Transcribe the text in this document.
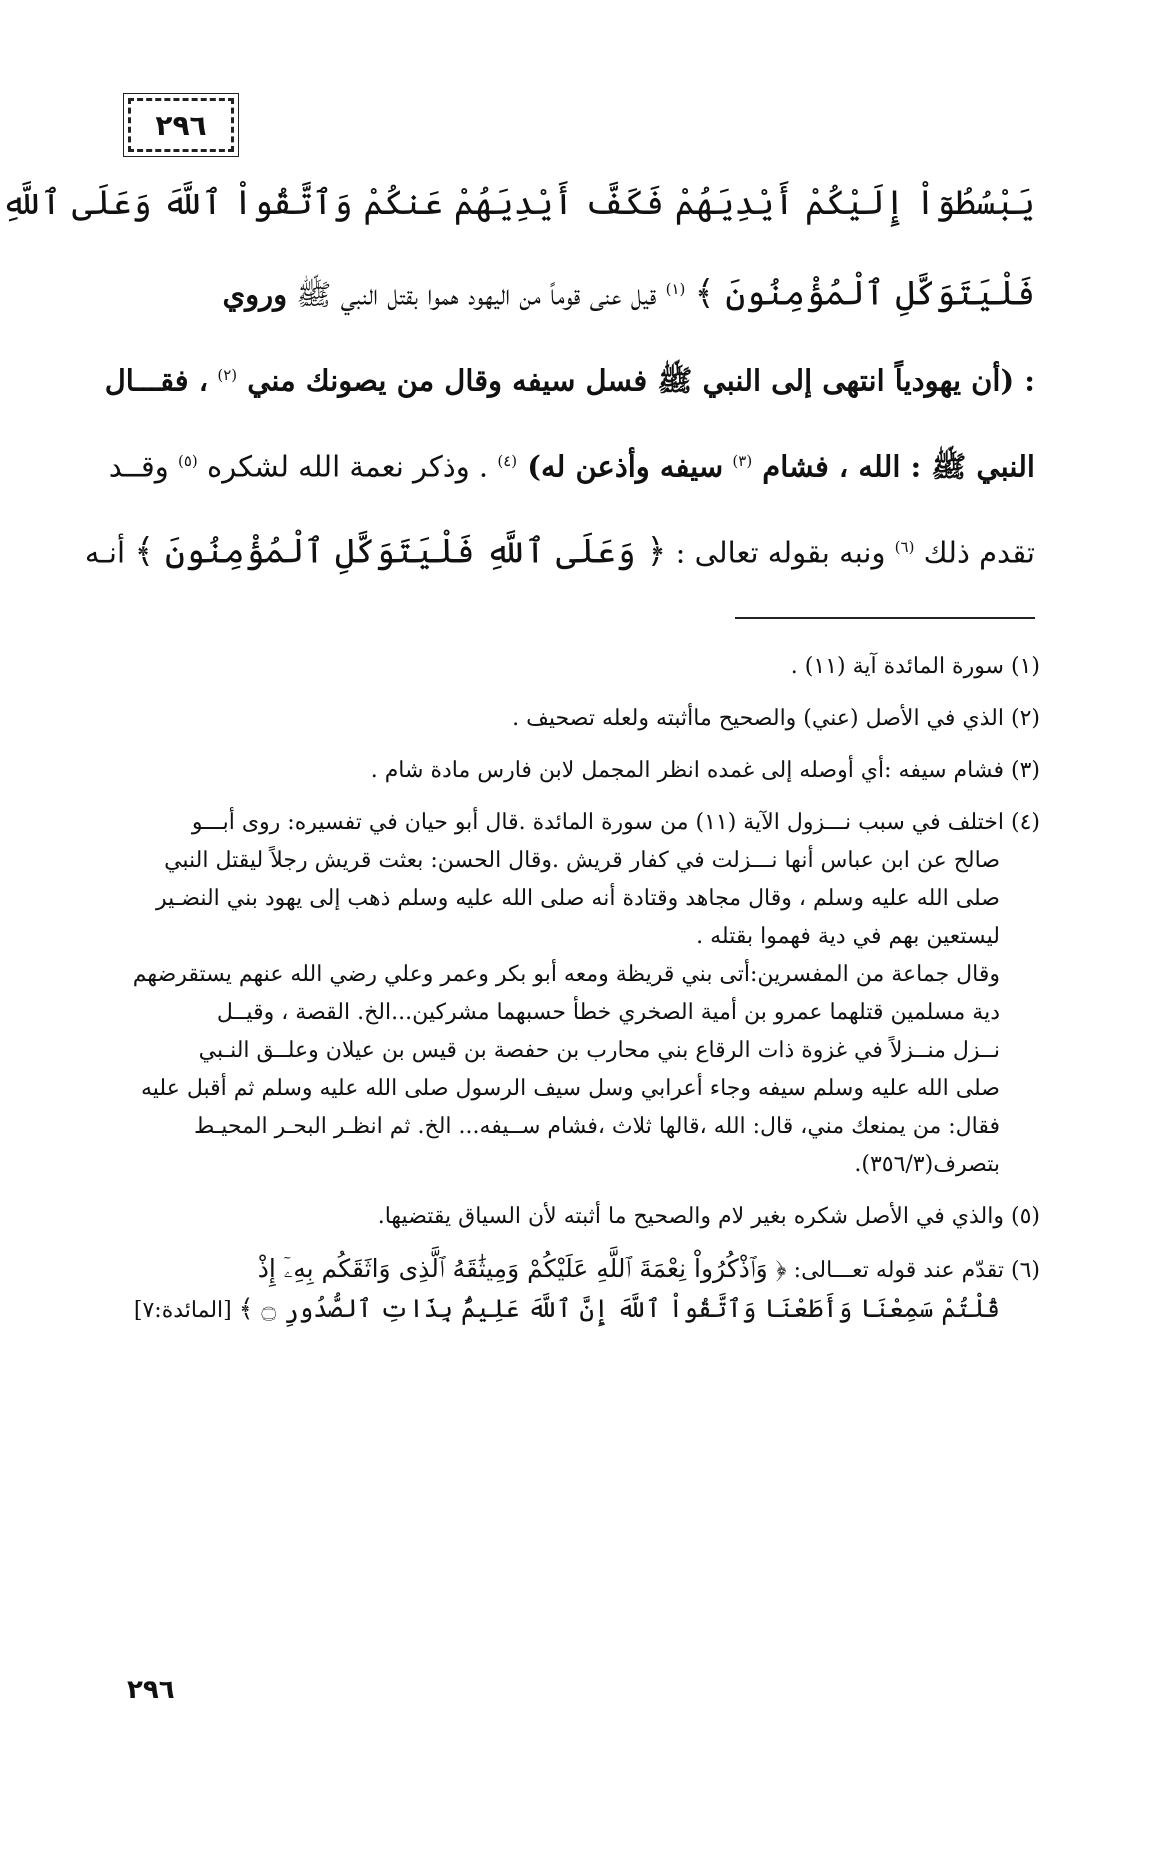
٢٩٦
يَبْسُطُوٓاْ إِلَيْكُمْ أَيْدِيَهُمْ فَكَفَّ أَيْدِيَهُمْ عَنكُمْ وَٱتَّقُواْ ٱللَّهَ وَعَلَى ٱللَّهِ
فَلْيَتَوَكَّلِ ٱلْمُؤْمِنُونَ ﴾ $^{(١)}$ قيل عنى قوماً من اليهود هموا بقتل النبي ﷺ وروي
: (أن يهودياً انتهى إلى النبي ﷺ فسل سيفه وقال من يصونك مني $^{(٢)}$ ، فقـــال
النبي ﷺ : الله ، فشام $^{(٣)}$ سيفه وأذعن له) $^{(٤)}$ . وذكر نعمة الله لشكره $^{(٥)}$ وقــد
تقدم ذلك $^{(٦)}$ ونبه بقوله تعالى : ﴿ وَعَلَى ٱللَّهِ فَلْيَتَوَكَّلِ ٱلْمُؤْمِنُونَ ﴾ أنـه
(١) سورة المائدة آية (١١) .
(٢) الذي في الأصل (عني) والصحيح ماأثبته ولعله تصحيف .
(٣) فشام سيفه :أي أوصله إلى غمده انظر المجمل لابن فارس مادة شام .
(٤) اختلف في سبب نـــزول الآية (١١) من سورة المائدة .قال أبو حيان في تفسيره: روى أبـــو
صالح عن ابن عباس أنها نـــزلت في كفار قريش .وقال الحسن: بعثت قريش رجلاً ليقتل النبي
صلى الله عليه وسلم ، وقال مجاهد وقتادة أنه صلى الله عليه وسلم ذهب إلى يهود بني النضـير
ليستعين بهم في دية فهموا بقتله .
وقال جماعة من المفسرين:أتى بني قريظة ومعه أبو بكر وعمر وعلي رضي الله عنهم يستقرضهم
دية مسلمين قتلهما عمرو بن أمية الصخري خطأ حسبهما مشركين...الخ. القصة ، وقيــل
نــزل منــزلاً في غزوة ذات الرقاع بني محارب بن حفصة بن قيس بن عيلان وعلــق النـبي
صلى الله عليه وسلم سيفه وجاء أعرابي وسل سيف الرسول صلى الله عليه وسلم ثم أقبل عليه
فقال: من يمنعك مني، قال: الله ،قالها ثلاث ،فشام ســيفه... الخ. ثم انظـر البحـر المحيـط
بتصرف(٣٥٦/٣).
(٥) والذي في الأصل شكره بغير لام والصحيح ما أثبته لأن السياق يقتضيها.
(٦) تقدّم عند قوله تعـــالى: ﴿ وَٱذْكُرُواْ نِعْمَةَ ٱللَّهِ عَلَيْكُمْ وَمِيثَٰقَهُ ٱلَّذِى وَاثَقَكُم بِهِۦٓ إِذْ
قُلْتُمْ سَمِعْنَا وَأَطَعْنَا وَٱتَّقُواْ ٱللَّهَ إِنَّ ٱللَّهَ عَلِيمٌۢ بِذَاتِ ٱلصُّدُورِ ۝ ﴾ [المائدة:٧]
٢٩٦
